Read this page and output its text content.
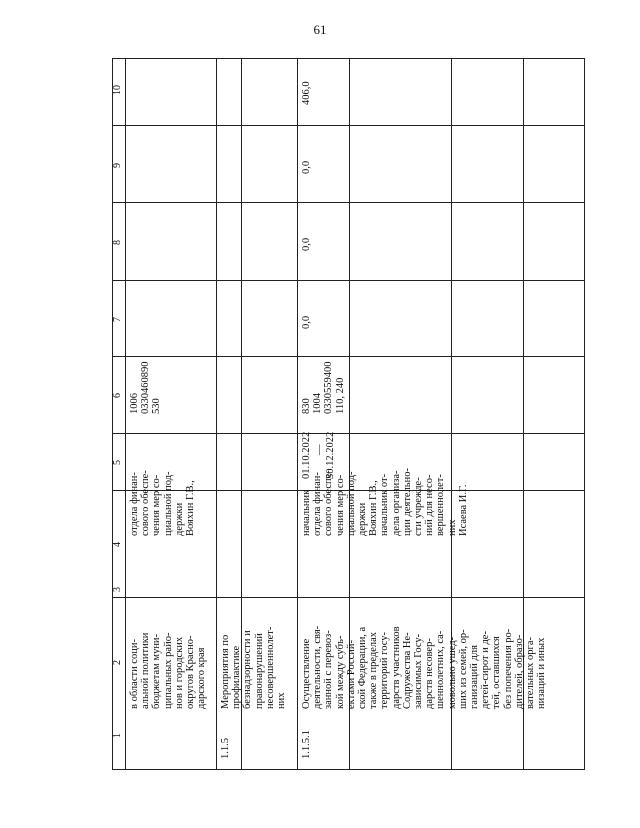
61
1
2
3
4
5
6
7
8
9
10
в области соци-
альной политики
бюджетам муни-
ципальных райо-
нов и городских
округов Красно-
дарского края
отдела финан-
сового обеспе-
чения мер со-
циальной под-
держки
Вояхин Г.В.,
1006
0330460890
530
1.1.5
Мероприятия по
профилактике
безнадзорности и
правонарушений
несовершеннолет-
них
1.1.5.1
Осуществление
деятельности, свя-
занной с перевоз-
кой между субъ-
ектами Россий-
ской Федерации, а
также в пределах
территорий госу-
дарств участников
Содружества Не-
зависимых Госу-
дарств несовер-
шеннолетних, са-
мовольно ушед-
ших из семей, ор-
ганизаций для
детей-сирот и де-
тей, оставшихся
без попечения ро-
дителей, образо-
вательных орга-
низаций и иных
начальник
отдела финан-
сового обеспе-
чения мер со-
циальной под-
держки
Вояхин Г.В.,
начальник от-
дела организа-
ции деятельно-
сти учрежде-
ний для несо-
вершеннолет-
них
Исаева И.Г.
01.10.2022 — 30.12.2022
830
1004
0330559400
110, 240
0,0
0,0
0,0
406,0
